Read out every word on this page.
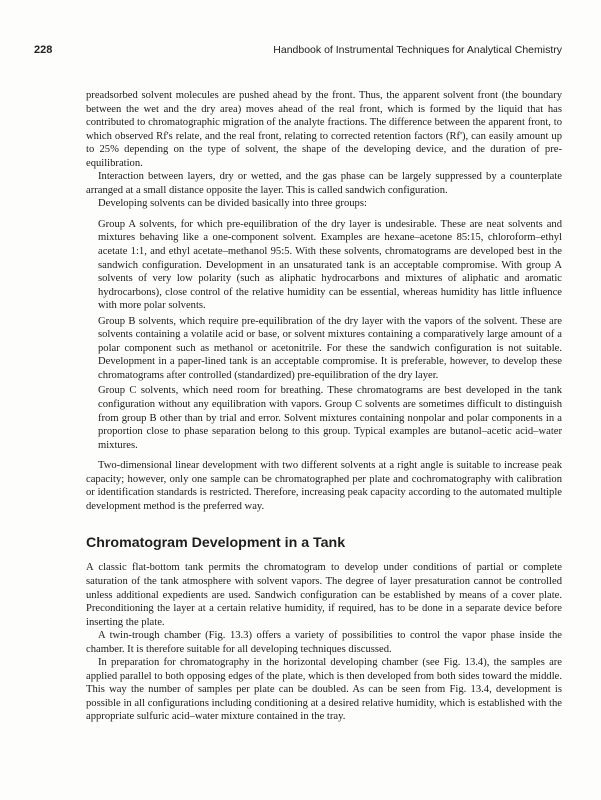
228	Handbook of Instrumental Techniques for Analytical Chemistry

preadsorbed solvent molecules are pushed ahead by the front. Thus, the apparent solvent front (the boundary between the wet and the dry area) moves ahead of the real front, which is formed by the liquid that has contributed to chromatographic migration of the analyte fractions. The difference between the apparent front, to which observed Rf's relate, and the real front, relating to corrected retention factors (Rf'), can easily amount up to 25% depending on the type of solvent, the shape of the developing device, and the duration of pre-equilibration.

Interaction between layers, dry or wetted, and the gas phase can be largely suppressed by a counterplate arranged at a small distance opposite the layer. This is called sandwich configuration.

Developing solvents can be divided basically into three groups:

Group A solvents, for which pre-equilibration of the dry layer is undesirable. These are neat solvents and mixtures behaving like a one-component solvent. Examples are hexane–acetone 85:15, chloroform–ethyl acetate 1:1, and ethyl acetate–methanol 95:5. With these solvents, chromatograms are developed best in the sandwich configuration. Development in an unsaturated tank is an acceptable compromise. With group A solvents of very low polarity (such as aliphatic hydrocarbons and mixtures of aliphatic and aromatic hydrocarbons), close control of the relative humidity can be essential, whereas humidity has little influence with more polar solvents.

Group B solvents, which require pre-equilibration of the dry layer with the vapors of the solvent. These are solvents containing a volatile acid or base, or solvent mixtures containing a comparatively large amount of a polar component such as methanol or acetonitrile. For these the sandwich configuration is not suitable. Development in a paper-lined tank is an acceptable compromise. It is preferable, however, to develop these chromatograms after controlled (standardized) pre-equilibration of the dry layer.

Group C solvents, which need room for breathing. These chromatograms are best developed in the tank configuration without any equilibration with vapors. Group C solvents are sometimes difficult to distinguish from group B other than by trial and error. Solvent mixtures containing nonpolar and polar components in a proportion close to phase separation belong to this group. Typical examples are butanol–acetic acid–water mixtures.

Two-dimensional linear development with two different solvents at a right angle is suitable to increase peak capacity; however, only one sample can be chromatographed per plate and cochromatography with calibration or identification standards is restricted. Therefore, increasing peak capacity according to the automated multiple development method is the preferred way.

Chromatogram Development in a Tank

A classic flat-bottom tank permits the chromatogram to develop under conditions of partial or complete saturation of the tank atmosphere with solvent vapors. The degree of layer presaturation cannot be controlled unless additional expedients are used. Sandwich configuration can be established by means of a cover plate. Preconditioning the layer at a certain relative humidity, if required, has to be done in a separate device before inserting the plate.

A twin-trough chamber (Fig. 13.3) offers a variety of possibilities to control the vapor phase inside the chamber. It is therefore suitable for all developing techniques discussed.

In preparation for chromatography in the horizontal developing chamber (see Fig. 13.4), the samples are applied parallel to both opposing edges of the plate, which is then developed from both sides toward the middle. This way the number of samples per plate can be doubled. As can be seen from Fig. 13.4, development is possible in all configurations including conditioning at a desired relative humidity, which is established with the appropriate sulfuric acid–water mixture contained in the tray.
